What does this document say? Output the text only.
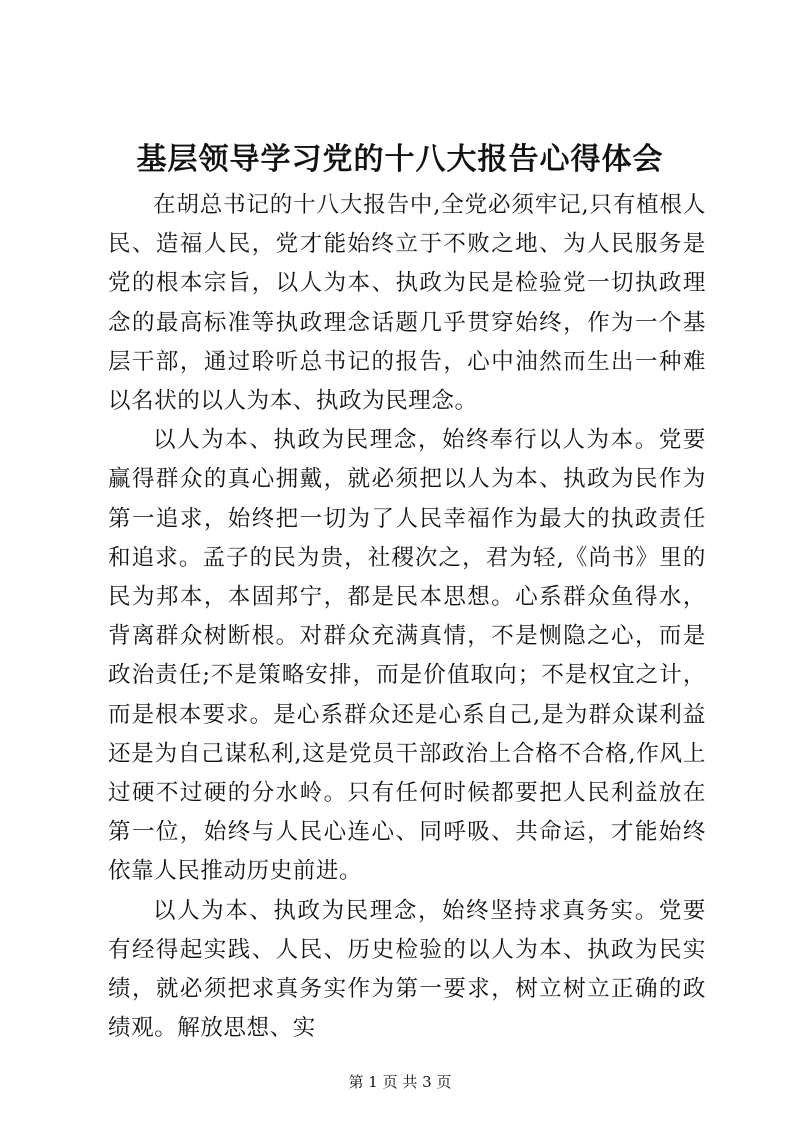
基层领导学习党的十八大报告心得体会

在胡总书记的十八大报告中,全党必须牢记,只有植根人民、造福人民，党才能始终立于不败之地、为人民服务是党的根本宗旨，以人为本、执政为民是检验党一切执政理念的最高标准等执政理念话题几乎贯穿始终，作为一个基层干部，通过聆听总书记的报告，心中油然而生出一种难以名状的以人为本、执政为民理念。

以人为本、执政为民理念，始终奉行以人为本。党要赢得群众的真心拥戴，就必须把以人为本、执政为民作为第一追求，始终把一切为了人民幸福作为最大的执政责任和追求。孟子的民为贵，社稷次之，君为轻,《尚书》里的民为邦本，本固邦宁，都是民本思想。心系群众鱼得水，背离群众树断根。对群众充满真情，不是恻隐之心，而是政治责任;不是策略安排，而是价值取向；不是权宜之计，而是根本要求。是心系群众还是心系自己,是为群众谋利益还是为自己谋私利,这是党员干部政治上合格不合格,作风上过硬不过硬的分水岭。只有任何时候都要把人民利益放在第一位，始终与人民心连心、同呼吸、共命运，才能始终依靠人民推动历史前进。

以人为本、执政为民理念，始终坚持求真务实。党要有经得起实践、人民、历史检验的以人为本、执政为民实绩，就必须把求真务实作为第一要求，树立树立正确的政绩观。解放思想、实

第 1 页 共 3 页
